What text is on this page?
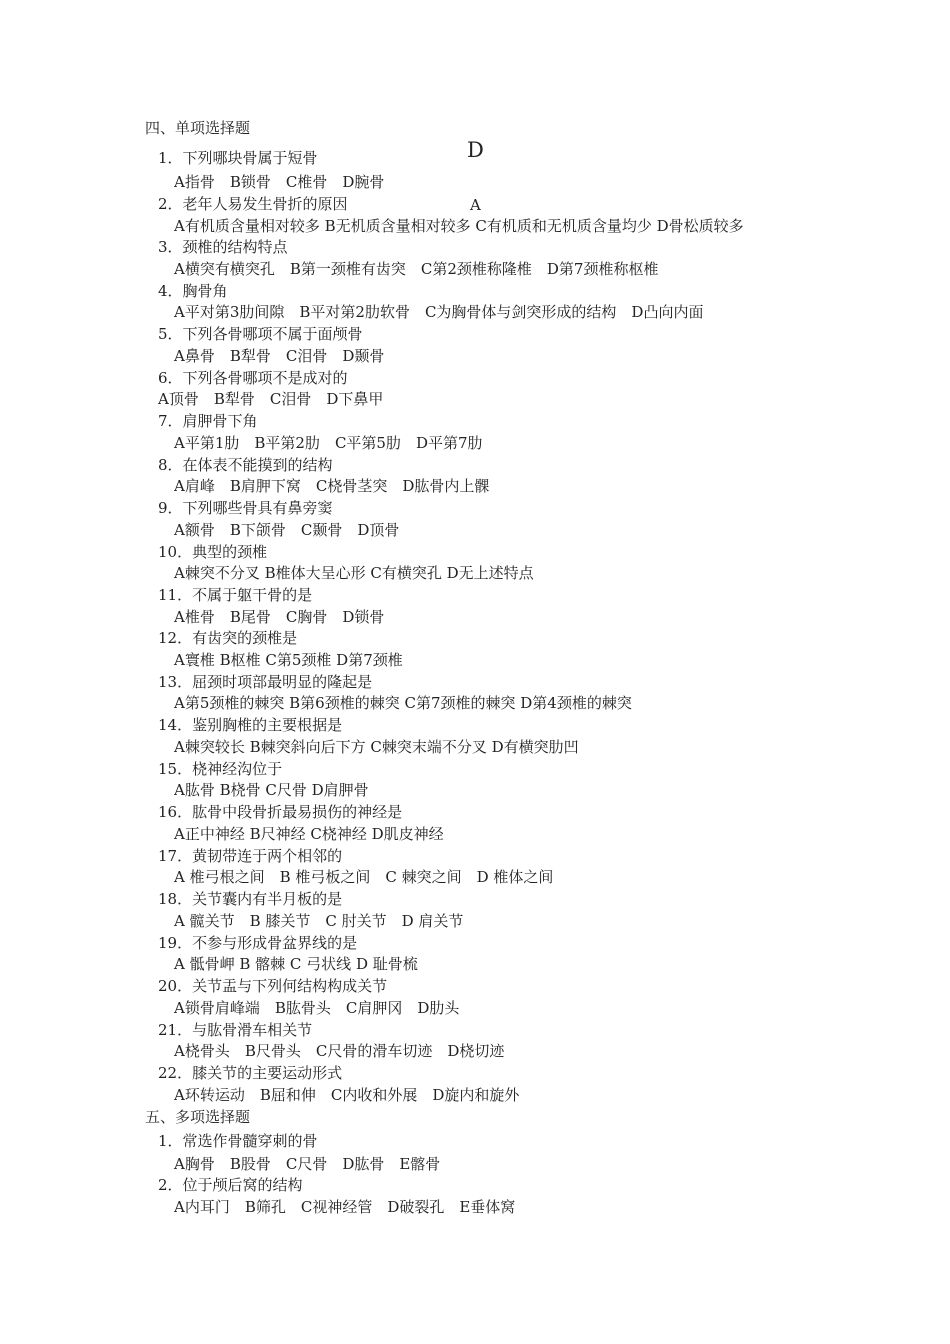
四、单项选择题
D
A
1．下列哪块骨属于短骨
A指骨　B锁骨　C椎骨　D腕骨
2．老年人易发生骨折的原因
A有机质含量相对较多 B无机质含量相对较多 C有机质和无机质含量均少 D骨松质较多
3．颈椎的结构特点
A横突有横突孔　B第一颈椎有齿突　C第2颈椎称隆椎　D第7颈椎称枢椎
4．胸骨角
A平对第3肋间隙　B平对第2肋软骨　C为胸骨体与剑突形成的结构　D凸向内面
5．下列各骨哪项不属于面颅骨
A鼻骨　B犁骨　C泪骨　D颞骨
6．下列各骨哪项不是成对的
A顶骨　B犁骨　C泪骨　D下鼻甲
7．肩胛骨下角
A平第1肋　B平第2肋　C平第5肋　D平第7肋
8．在体表不能摸到的结构
A肩峰　B肩胛下窝　C桡骨茎突　D肱骨内上髁
9．下列哪些骨具有鼻旁窦
A额骨　B下颌骨　C颞骨　D顶骨
10．典型的颈椎
A棘突不分叉 B椎体大呈心形 C有横突孔 D无上述特点
11．不属于躯干骨的是
A椎骨　B尾骨　C胸骨　D锁骨
12．有齿突的颈椎是
A寰椎 B枢椎 C第5颈椎 D第7颈椎
13．屈颈时项部最明显的隆起是
A第5颈椎的棘突 B第6颈椎的棘突 C第7颈椎的棘突 D第4颈椎的棘突
14．鉴别胸椎的主要根据是
A棘突较长 B棘突斜向后下方 C棘突末端不分叉 D有横突肋凹
15．桡神经沟位于
A肱骨 B桡骨 C尺骨 D肩胛骨
16．肱骨中段骨折最易损伤的神经是
A正中神经 B尺神经 C桡神经 D肌皮神经
17．黄韧带连于两个相邻的
A 椎弓根之间　B 椎弓板之间　C 棘突之间　D 椎体之间
18．关节囊内有半月板的是
A 髋关节　B 膝关节　C 肘关节　D 肩关节
19．不参与形成骨盆界线的是
A 骶骨岬 B 髂棘 C 弓状线 D 耻骨梳
20．关节盂与下列何结构构成关节
A锁骨肩峰端　B肱骨头　C肩胛冈　D肋头
21．与肱骨滑车相关节
A桡骨头　B尺骨头　C尺骨的滑车切迹　D桡切迹
22．膝关节的主要运动形式
A环转运动　B屈和伸　C内收和外展　D旋内和旋外
五、多项选择题
1．常选作骨髓穿刺的骨
A胸骨　B股骨　C尺骨　D肱骨　E髂骨
2．位于颅后窝的结构
A内耳门　B筛孔　C视神经管　D破裂孔　E垂体窝
